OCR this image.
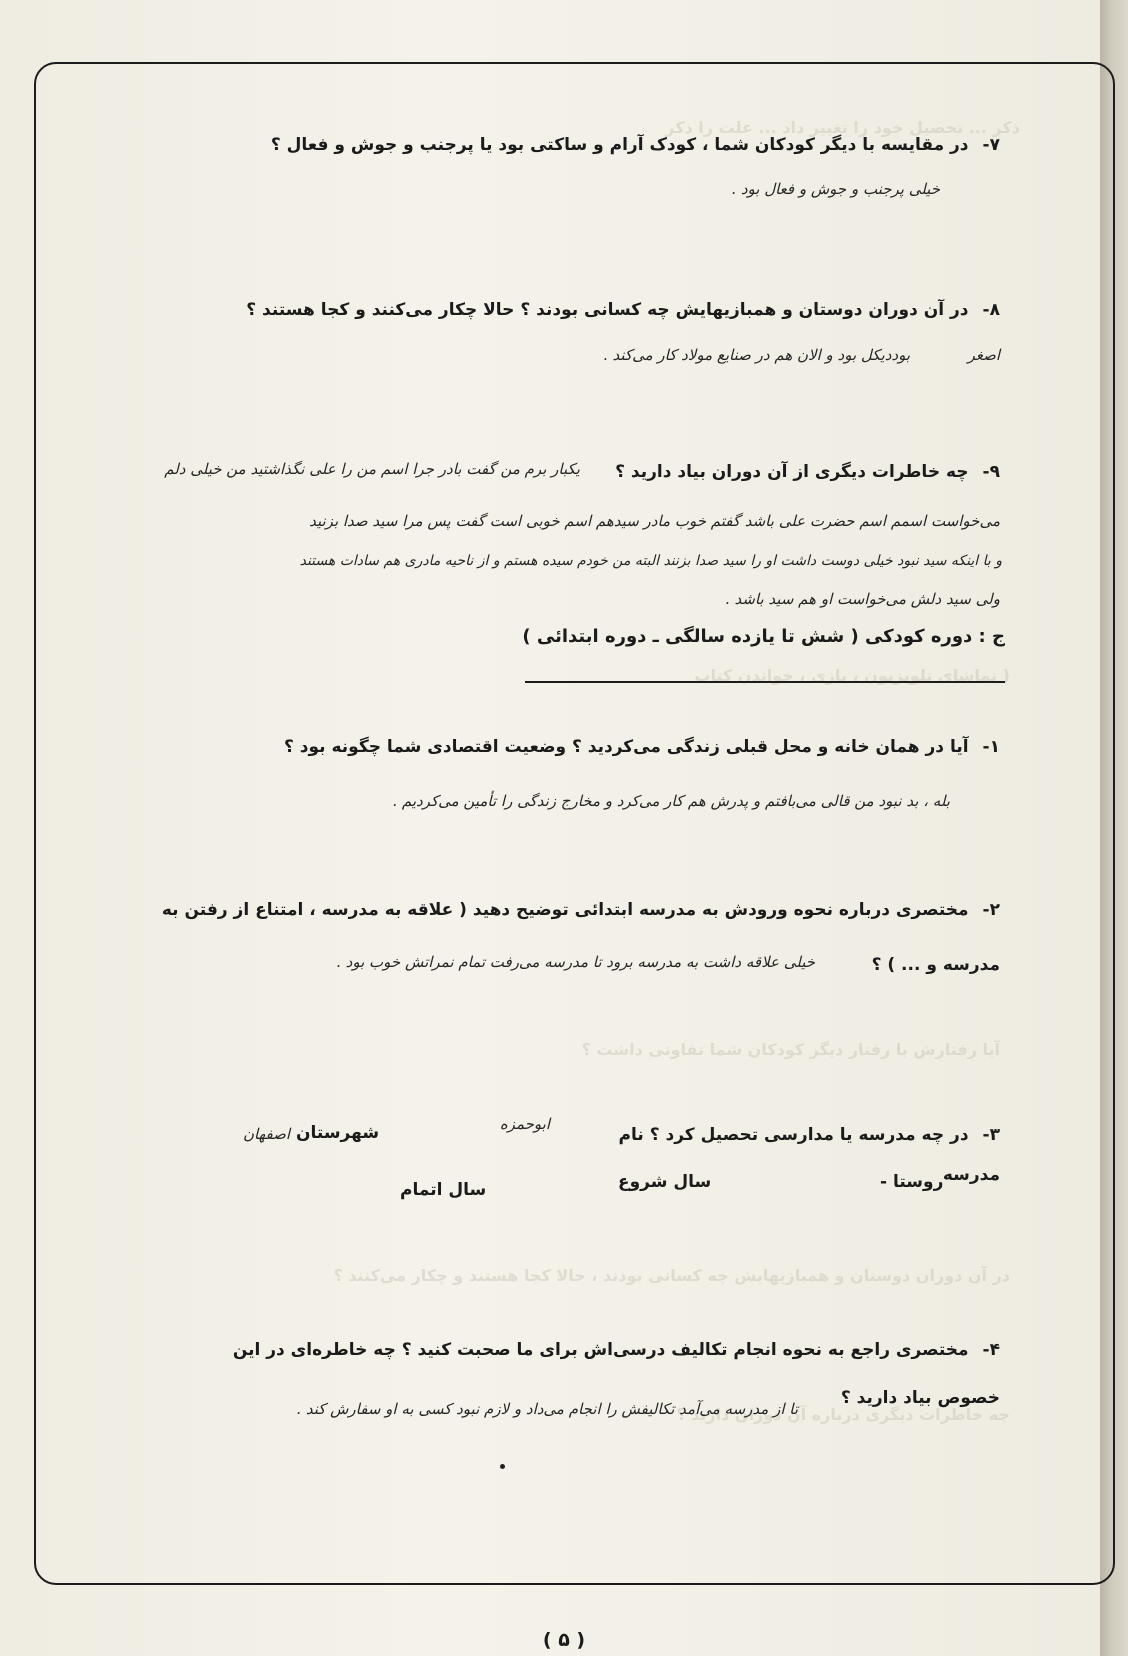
ذکر ... تحصیل خود را تغییر داد ... علت را ذکر
( تماشای تلویزیون ، بازی ، خواندن کتاب
آیا رفتارش با رفتار دیگر کودکان شما تفاوتی داشت ؟
در آن دوران دوستان و همبازیهایش چه کسانی بودند ، حالا کجا هستند و چکار می‌کنند ؟
چه خاطرات دیگری درباره آن دوران دارید ؟
۷-در مقایسه با دیگر کودکان شما ، کودک آرام و ساکتی بود یا پرجنب و جوش و فعال ؟
خیلی پرجنب و جوش و فعال بود .
۸-در آن دوران دوستان و همبازیهایش چه کسانی بودند ؟ حالا چکار می‌کنند و کجا هستند ؟
اصغر
بوددیکل بود و الان هم در صنایع مولاد کار می‌کند .
۹-چه خاطرات دیگری از آن دوران بیاد دارید ؟
یکبار برم من گفت بادر جرا اسم من را علی نگذاشتید من خیلی دلم
می‌خواست اسمم اسم حضرت علی باشد گفتم خوب مادر سیدهم اسم خوبی است گفت پس مرا سید صدا بزنید
و با اینکه سید نبود خیلی دوست داشت او را سید صدا بزنند البته من خودم سیده هستم و از ناحیه مادری هم سادات هستند
ولی سید دلش می‌خواست او هم سید باشد .
ج : دوره کودکی ( شش تا یازده سالگی ـ دوره ابتدائی )
۱-آیا در همان خانه و محل قبلی زندگی می‌کردید ؟ وضعیت اقتصادی شما چگونه بود ؟
بله ، بد نبود من قالی می‌بافتم و پدرش هم کار می‌کرد و مخارج زندگی را تأمین می‌کردیم .
۲-مختصری درباره نحوه ورودش به مدرسه ابتدائی توضیح دهید ( علاقه به مدرسه ، امتناع از رفتن به
مدرسه و ... ) ؟
خیلی علاقه داشت به مدرسه برود تا مدرسه می‌رفت تمام نمراتش خوب بود .
۳-در چه مدرسه یا مدارسی تحصیل کرد ؟ نام مدرسه
ابوحمزه
شهرستان
اصفهان
روستا -
سال شروع
سال اتمام
۴-مختصری راجع به نحوه انجام تکالیف درسی‌اش برای ما صحبت کنید ؟ چه خاطره‌ای در این
خصوص بیاد دارید ؟
تا از مدرسه می‌آمد تکالیفش را انجام می‌داد و لازم نبود کسی به او سفارش کند .
( ۵ )
